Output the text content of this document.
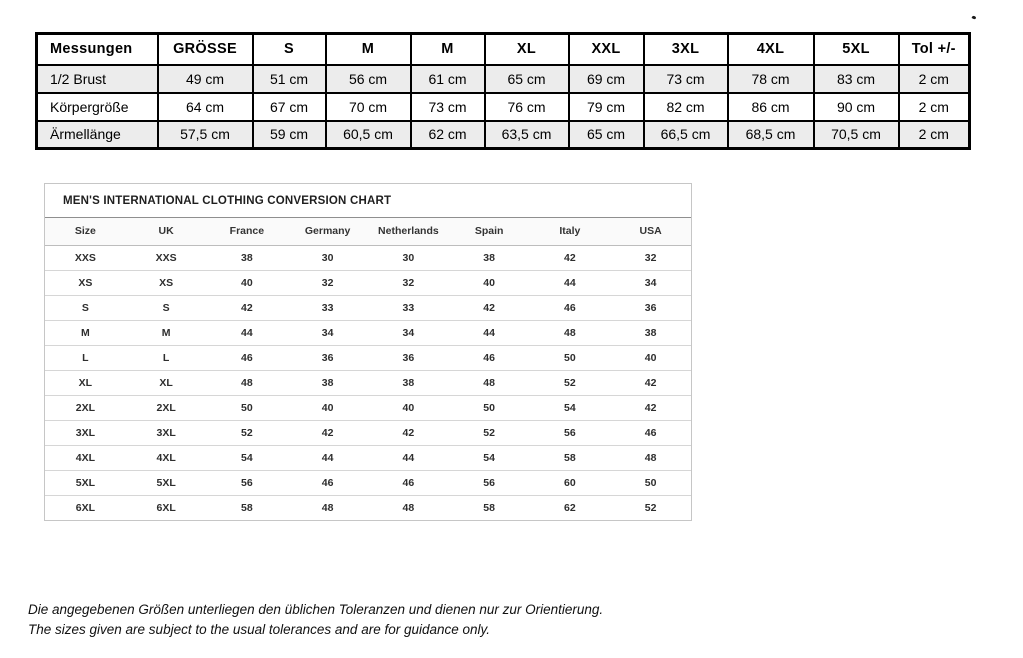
Messungen	GRÖSSE	S	M	M	XL	XXL	3XL	4XL	5XL	Tol +/-
1/2 Brust	49 cm	51 cm	56 cm	61 cm	65 cm	69 cm	73 cm	78 cm	83 cm	2 cm
Körpergröße	64 cm	67 cm	70 cm	73 cm	76 cm	79 cm	82 cm	86 cm	90 cm	2 cm
Ärmellänge	57,5 cm	59 cm	60,5 cm	62 cm	63,5 cm	65 cm	66,5 cm	68,5 cm	70,5 cm	2 cm
MEN'S INTERNATIONAL CLOTHING CONVERSION CHART
Size	UK	France	Germany	Netherlands	Spain	Italy	USA
XXS	XXS	38	30	30	38	42	32
XS	XS	40	32	32	40	44	34
S	S	42	33	33	42	46	36
M	M	44	34	34	44	48	38
L	L	46	36	36	46	50	40
XL	XL	48	38	38	48	52	42
2XL	2XL	50	40	40	50	54	42
3XL	3XL	52	42	42	52	56	46
4XL	4XL	54	44	44	54	58	48
5XL	5XL	56	46	46	56	60	50
6XL	6XL	58	48	48	58	62	52
Die angegebenen Größen unterliegen den üblichen Toleranzen und dienen nur zur Orientierung.
The sizes given are subject to the usual tolerances and are for guidance only.
